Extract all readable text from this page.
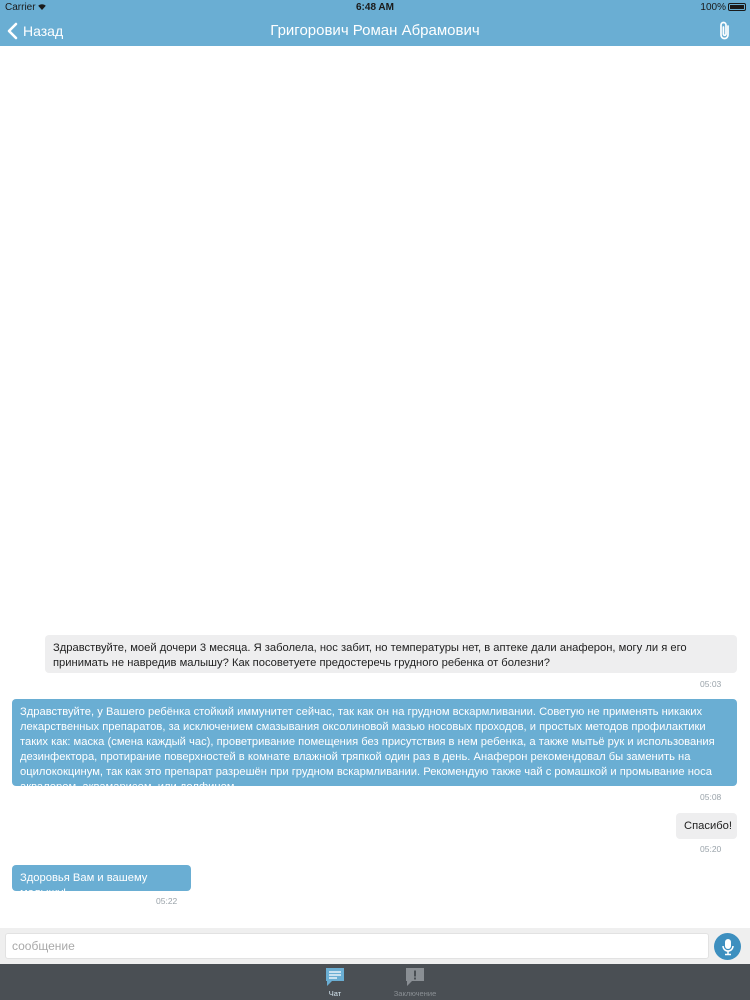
Carrier	6:48 AM	100%
Назад	Григорович Роман Абрамович
Здравствуйте, моей дочери 3 месяца. Я заболела, нос забит, но температуры нет, в аптеке дали анаферон, могу ли я его принимать не навредив малышу? Как посоветуете предостеречь грудного ребенка от болезни?
05:03
Здравствуйте, у Вашего ребёнка стойкий иммунитет сейчас, так как он на грудном вскармливании. Советую не применять никаких лекарственных препаратов, за исключением смазывания оксолиновой мазью носовых проходов, и простых методов профилактики таких как: маска (смена каждый час), проветривание помещения без присутствия в нем ребенка, а также мытьё рук и использования дезинфектора, протирание поверхностей в комнате влажной тряпкой один раз в день. Анаферон рекомендовал бы заменить на оцилококцинум, так как это препарат разрешён при грудном вскармливании. Рекомендую также чай с ромашкой и промывание носа аквалором, аквамарисом, или долфином.
05:08
Спасибо!
05:20
Здоровья Вам и вашему малышу!
05:22
сообщение
Чат	Заключение
